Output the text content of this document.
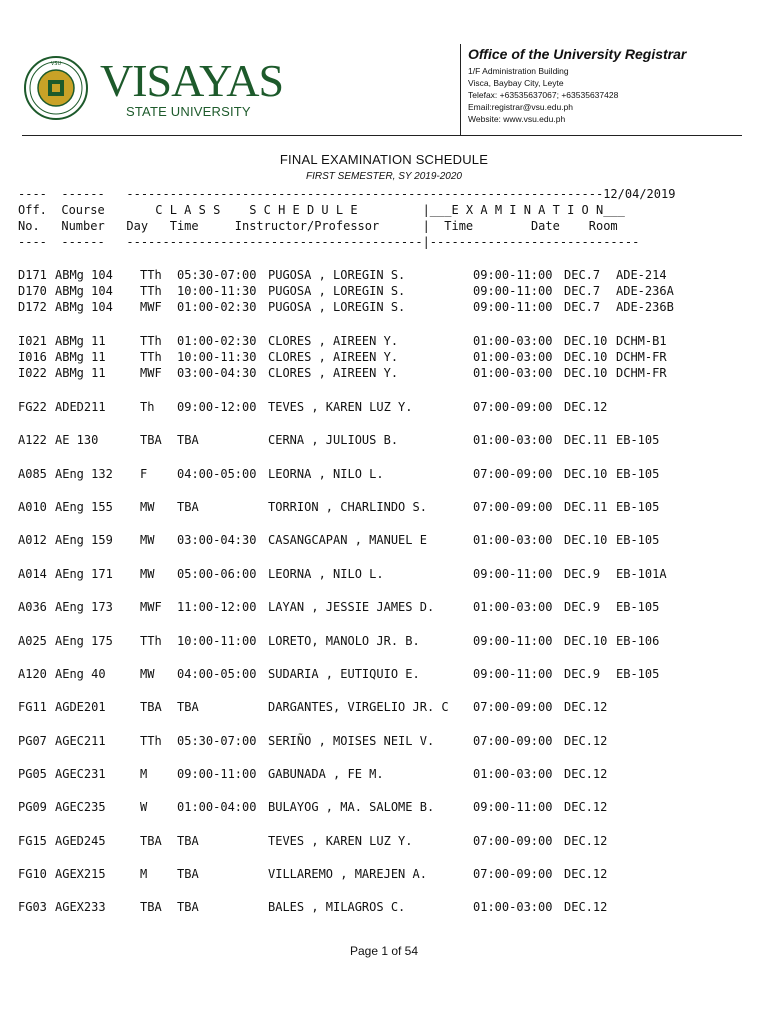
VSU VISAYAS
STATE UNIVERSITY
Office of the University Registrar
1/F Administration Building
Visca, Baybay City, Leyte
Telefax: +63535637067; +63535637428
Email:registrar@vsu.edu.ph
Website: www.vsu.edu.ph
FINAL EXAMINATION SCHEDULE
FIRST SEMESTER, SY 2019-2020
----  ------   ------------------------------------------------------------------12/04/2019
Off.  Course       C L A S S    S C H E D U L E         |___E X A M I N A T I O N___
No.   Number   Day   Time     Instructor/Professor      |  Time        Date    Room
----  ------   -----------------------------------------|-----------------------------
D171 ABMg 104 TTh 05:30-07:00 PUGOSA , LOREGIN S.	09:00-11:00 DEC.7 ADE-214
D170 ABMg 104 TTh 10:00-11:30 PUGOSA , LOREGIN S.	09:00-11:00 DEC.7 ADE-236A
D172 ABMg 104 MWF 01:00-02:30 PUGOSA , LOREGIN S.	09:00-11:00 DEC.7 ADE-236B
I021 ABMg 11	TTh 01:00-02:30 CLORES , AIREEN Y.	01:00-03:00 DEC.10 DCHM-B1
I016 ABMg 11	TTh 10:00-11:30 CLORES , AIREEN Y.	01:00-03:00 DEC.10 DCHM-FR
I022 ABMg 11	MWF 03:00-04:30 CLORES , AIREEN Y.	01:00-03:00 DEC.10 DCHM-FR
FG22 ADED211	Th 09:00-12:00 TEVES , KAREN LUZ Y.	07:00-09:00 DEC.12
A122 AE 130	TBA TBA	CERNA , JULIOUS B.	01:00-03:00 DEC.11 EB-105
A085 AEng 132 F 04:00-05:00 LEORNA , NILO L.	07:00-09:00 DEC.10 EB-105
A010 AEng 155 MW TBA	TORRION , CHARLINDO S.	07:00-09:00 DEC.11 EB-105
A012 AEng 159 MW 03:00-04:30 CASANGCAPAN , MANUEL E	01:00-03:00 DEC.10 EB-105
A014 AEng 171 MW 05:00-06:00 LEORNA , NILO L.	09:00-11:00 DEC.9 EB-101A
A036 AEng 173 MWF 11:00-12:00 LAYAN , JESSIE JAMES D.	01:00-03:00 DEC.9 EB-105
A025 AEng 175 TTh 10:00-11:00 LORETO, MANOLO JR. B.	09:00-11:00 DEC.10 EB-106
A120 AEng 40	MW 04:00-05:00 SUDARIA , EUTIQUIO E.	09:00-11:00 DEC.9 EB-105
FG11 AGDE201	TBA TBA	DARGANTES, VIRGELIO JR. C 07:00-09:00 DEC.12
PG07 AGEC211	TTh 05:30-07:00 SERIÑO , MOISES NEIL V.	07:00-09:00 DEC.12
PG05 AGEC231	M 09:00-11:00 GABUNADA , FE M.	01:00-03:00 DEC.12
PG09 AGEC235	W 01:00-04:00 BULAYOG , MA. SALOME B.	09:00-11:00 DEC.12
FG15 AGED245	TBA TBA	TEVES , KAREN LUZ Y.	07:00-09:00 DEC.12
FG10 AGEX215	M TBA	VILLAREMO , MAREJEN A.	07:00-09:00 DEC.12
FG03 AGEX233	TBA TBA	BALES , MILAGROS C.	01:00-03:00 DEC.12
Page 1 of 54
